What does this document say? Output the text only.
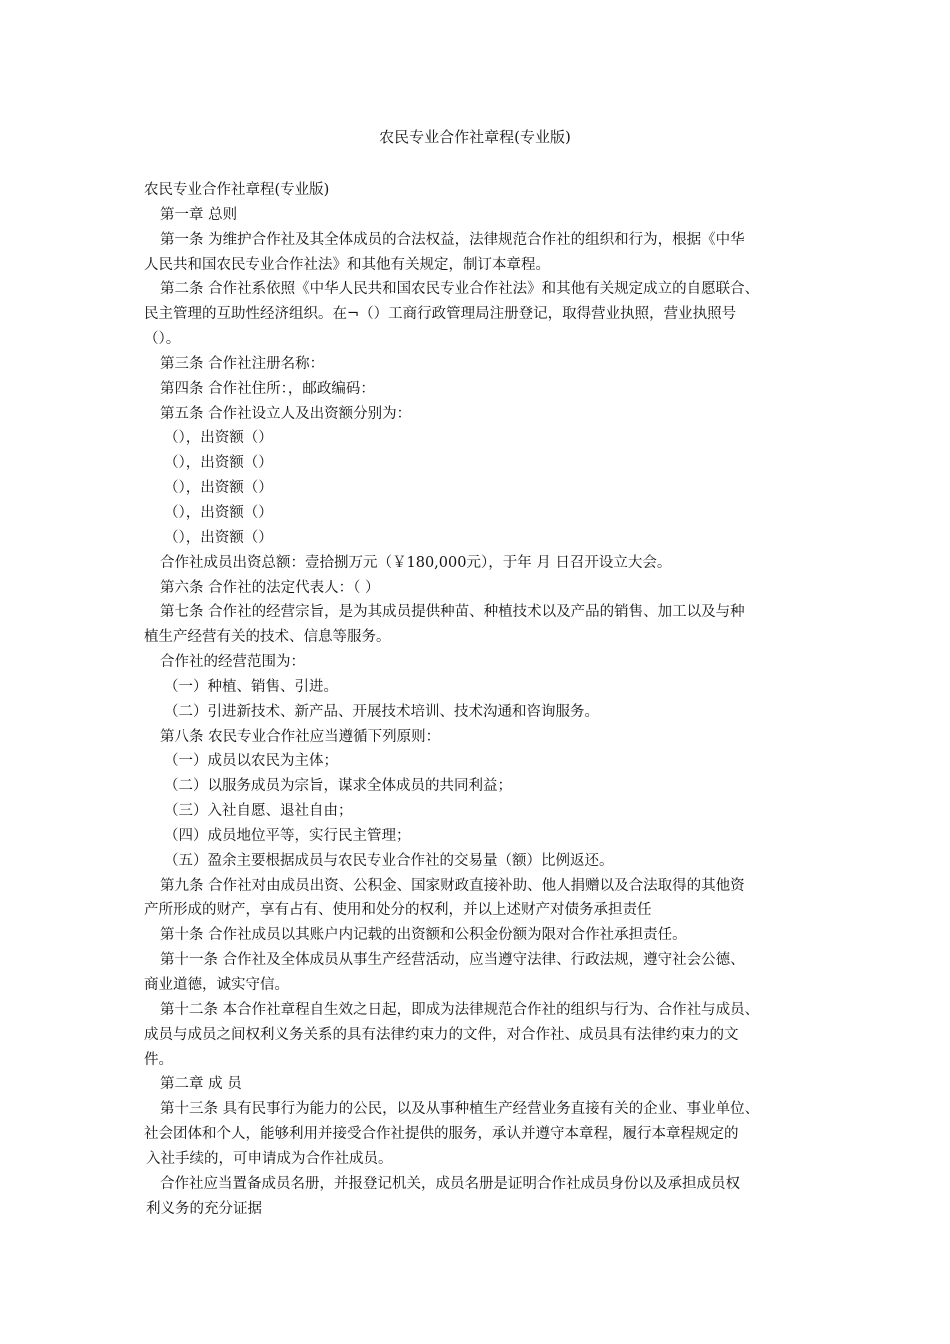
农民专业合作社章程(专业版)
农民专业合作社章程(专业版)
第一章 总则
第一条 为维护合作社及其全体成员的合法权益，法律规范合作社的组织和行为，根据《中华
人民共和国农民专业合作社法》和其他有关规定，制订本章程。
第二条 合作社系依照《中华人民共和国农民专业合作社法》和其他有关规定成立的自愿联合、
民主管理的互助性经济组织。在¬（）工商行政管理局注册登记，取得营业执照，营业执照号
（）。
第三条 合作社注册名称：
第四条 合作社住所：，邮政编码：
第五条 合作社设立人及出资额分别为：
（），出资额（）
（），出资额（）
（），出资额（）
（），出资额（）
（），出资额（）
合作社成员出资总额：壹拾捌万元（￥180,000元），于年 月 日召开设立大会。
第六条 合作社的法定代表人：（ ）
第七条 合作社的经营宗旨，是为其成员提供种苗、种植技术以及产品的销售、加工以及与种
植生产经营有关的技术、信息等服务。
合作社的经营范围为：
（一）种植、销售、引进。
（二）引进新技术、新产品、开展技术培训、技术沟通和咨询服务。
第八条 农民专业合作社应当遵循下列原则：
（一）成员以农民为主体；
（二）以服务成员为宗旨，谋求全体成员的共同利益；
（三）入社自愿、退社自由；
（四）成员地位平等，实行民主管理；
（五）盈余主要根据成员与农民专业合作社的交易量（额）比例返还。
第九条 合作社对由成员出资、公积金、国家财政直接补助、他人捐赠以及合法取得的其他资
产所形成的财产，享有占有、使用和处分的权利，并以上述财产对债务承担责任
第十条 合作社成员以其账户内记载的出资额和公积金份额为限对合作社承担责任。
第十一条 合作社及全体成员从事生产经营活动，应当遵守法律、行政法规，遵守社会公德、
商业道德，诚实守信。
第十二条 本合作社章程自生效之日起，即成为法律规范合作社的组织与行为、合作社与成员、
成员与成员之间权利义务关系的具有法律约束力的文件，对合作社、成员具有法律约束力的文
件。
第二章 成 员
第十三条 具有民事行为能力的公民，以及从事种植生产经营业务直接有关的企业、事业单位、
社会团体和个人，能够利用并接受合作社提供的服务，承认并遵守本章程，履行本章程规定的
入社手续的，可申请成为合作社成员。
合作社应当置备成员名册，并报登记机关，成员名册是证明合作社成员身份以及承担成员权
利义务的充分证据
